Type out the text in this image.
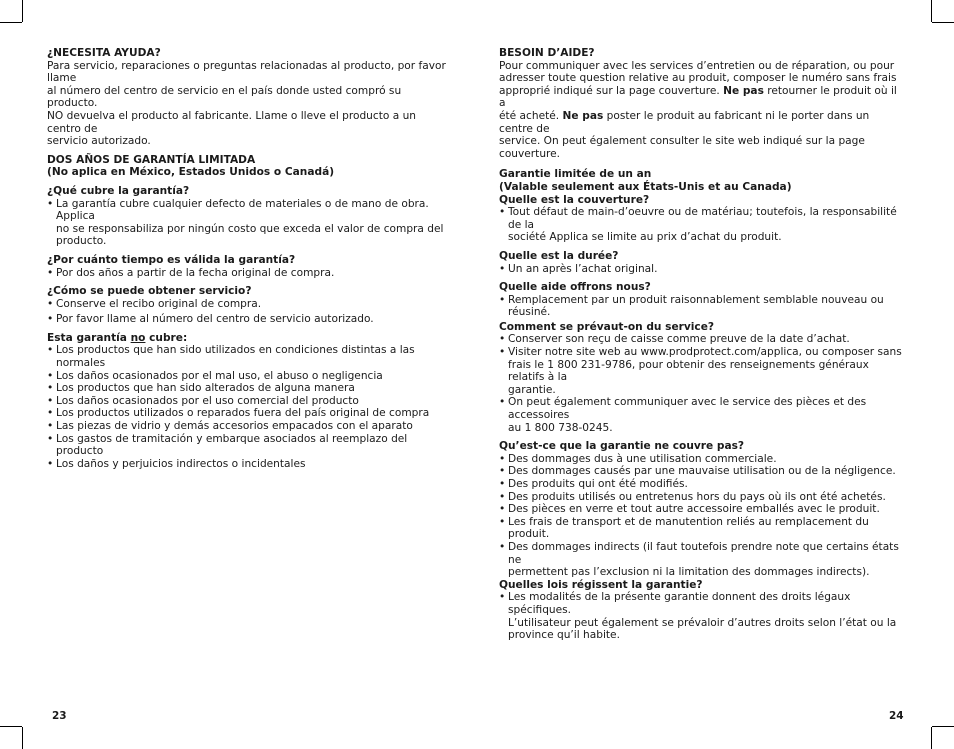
¿NECESITA AYUDA?
Para servicio, reparaciones o preguntas relacionadas al producto, por favor llame
al número del centro de servicio en el país donde usted compró su producto.
NO devuelva el producto al fabricante. Llame o lleve el producto a un centro de
servicio autorizado.
DOS AÑOS DE GARANTÍA LIMITADA
(No aplica en México, Estados Unidos o Canadá)
¿Qué cubre la garantía?
• La garantía cubre cualquier defecto de materiales o de mano de obra. Applica
no se responsabiliza por ningún costo que exceda el valor de compra del
producto.
¿Por cuánto tiempo es válida la garantía?
• Por dos años a partir de la fecha original de compra.
¿Cómo se puede obtener servicio?
• Conserve el recibo original de compra.
• Por favor llame al número del centro de servicio autorizado.
Esta garantía no cubre:
• Los productos que han sido utilizados en condiciones distintas a las normales
• Los daños ocasionados por el mal uso, el abuso o negligencia
• Los productos que han sido alterados de alguna manera
• Los daños ocasionados por el uso comercial del producto
• Los productos utilizados o reparados fuera del país original de compra
• Las piezas de vidrio y demás accesorios empacados con el aparato
• Los gastos de tramitación y embarque asociados al reemplazo del producto
• Los daños y perjuicios indirectos o incidentales
BESOIN D’AIDE?
Pour communiquer avec les services d’entretien ou de réparation, ou pour
adresser toute question relative au produit, composer le numéro sans frais
approprié indiqué sur la page couverture. Ne pas retourner le produit où il a
été acheté. Ne pas poster le produit au fabricant ni le porter dans un centre de
service. On peut également consulter le site web indiqué sur la page couverture.
Garantie limitée de un an
(Valable seulement aux États-Unis et au Canada)
Quelle est la couverture?
• Tout défaut de main-d’oeuvre ou de matériau; toutefois, la responsabilité de la
société Applica se limite au prix d’achat du produit.
Quelle est la durée?
• Un an après l’achat original.
Quelle aide offrons nous?
• Remplacement par un produit raisonnablement semblable nouveau ou réusiné.
Comment se prévaut-on du service?
• Conserver son reçu de caisse comme preuve de la date d’achat.
• Visiter notre site web au www.prodprotect.com/applica, ou composer sans
frais le 1 800 231-9786, pour obtenir des renseignements généraux relatifs à la
garantie.
• On peut également communiquer avec le service des pièces et des accessoires
au 1 800 738-0245.
Qu’est-ce que la garantie ne couvre pas?
• Des dommages dus à une utilisation commerciale.
• Des dommages causés par une mauvaise utilisation ou de la négligence.
• Des produits qui ont été modifiés.
• Des produits utilisés ou entretenus hors du pays où ils ont été achetés.
• Des pièces en verre et tout autre accessoire emballés avec le produit.
• Les frais de transport et de manutention reliés au remplacement du produit.
• Des dommages indirects (il faut toutefois prendre note que certains états ne
permettent pas l’exclusion ni la limitation des dommages indirects).
Quelles lois régissent la garantie?
• Les modalités de la présente garantie donnent des droits légaux spécifiques.
L’utilisateur peut également se prévaloir d’autres droits selon l’état ou la
province qu’il habite.
23	24
